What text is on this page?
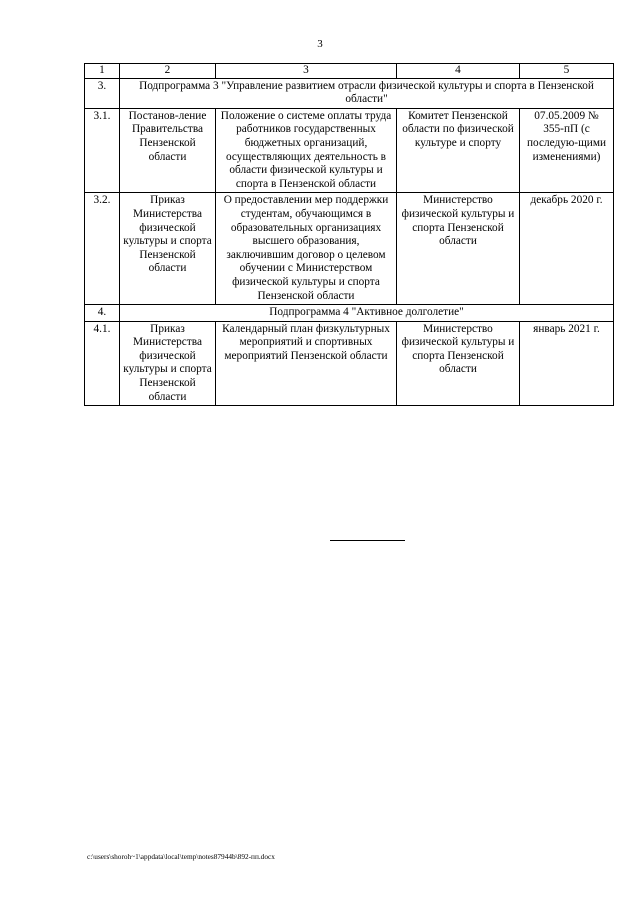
3
1	2	3	4	5
3.	Подпрограмма 3 "Управление развитием отрасли физической культуры и спорта в Пензенской области"			
3.1.	Постанов-ление Правительства Пензенской области	Положение о системе оплаты труда работников государственных бюджетных организаций, осуществляющих деятельность в области физической культуры и спорта в Пензенской области	Комитет Пензенской области по физической культуре и спорту	07.05.2009 № 355-пП (с последую-щими изменениями)
3.2.	Приказ Министерства физической культуры и спорта Пензенской области	О предоставлении мер поддержки студентам, обучающимся в образовательных организациях высшего образования, заключившим договор о целевом обучении с Министерством физической культуры и спорта Пензенской области	Министерство физической культуры и спорта Пензенской области	декабрь 2020 г.
4.	Подпрограмма 4 "Активное долголетие"			
4.1.	Приказ Министерства физической культуры и спорта Пензенской области	Календарный план физкультурных мероприятий и спортивных мероприятий Пензенской области	Министерство физической культуры и спорта Пензенской области	январь 2021 г.
c:\users\shoroh~1\appdata\local\temp\notes87944b\892-пп.docx
